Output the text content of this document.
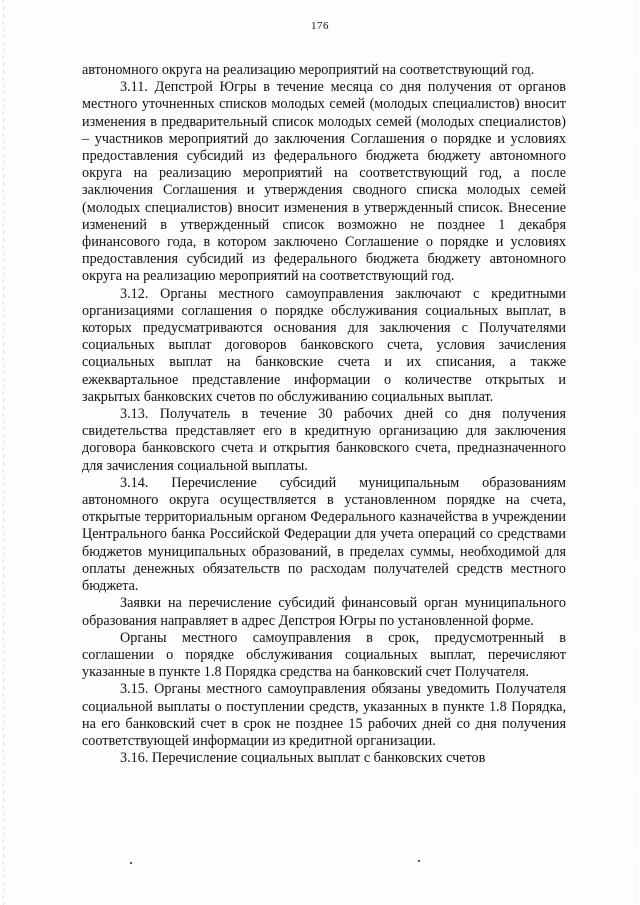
176

автономного округа на реализацию мероприятий на соответствующий год.

3.11. Депстрой Югры в течение месяца со дня получения от органов местного уточненных списков молодых семей (молодых специалистов) вносит изменения в предварительный список молодых семей (молодых специалистов) – участников мероприятий до заключения Соглашения о порядке и условиях предоставления субсидий из федерального бюджета бюджету автономного округа на реализацию мероприятий на соответствующий год, а после заключения Соглашения и утверждения сводного списка молодых семей (молодых специалистов) вносит изменения в утвержденный список. Внесение изменений в утвержденный список возможно не позднее 1 декабря финансового года, в котором заключено Соглашение о порядке и условиях предоставления субсидий из федерального бюджета бюджету автономного округа на реализацию мероприятий на соответствующий год.

3.12. Органы местного самоуправления заключают с кредитными организациями соглашения о порядке обслуживания социальных выплат, в которых предусматриваются основания для заключения с Получателями социальных выплат договоров банковского счета, условия зачисления социальных выплат на банковские счета и их списания, а также ежеквартальное представление информации о количестве открытых и закрытых банковских счетов по обслуживанию социальных выплат.

3.13. Получатель в течение 30 рабочих дней со дня получения свидетельства представляет его в кредитную организацию для заключения договора банковского счета и открытия банковского счета, предназначенного для зачисления социальной выплаты.

3.14. Перечисление субсидий муниципальным образованиям автономного округа осуществляется в установленном порядке на счета, открытые территориальным органом Федерального казначейства в учреждении Центрального банка Российской Федерации для учета операций со средствами бюджетов муниципальных образований, в пределах суммы, необходимой для оплаты денежных обязательств по расходам получателей средств местного бюджета.

Заявки на перечисление субсидий финансовый орган муниципального образования направляет в адрес Депстроя Югры по установленной форме.

Органы местного самоуправления в срок, предусмотренный в соглашении о порядке обслуживания социальных выплат, перечисляют указанные в пункте 1.8 Порядка средства на банковский счет Получателя.

3.15. Органы местного самоуправления обязаны уведомить Получателя социальной выплаты о поступлении средств, указанных в пункте 1.8 Порядка, на его банковский счет в срок не позднее 15 рабочих дней со дня получения соответствующей информации из кредитной организации.

3.16. Перечисление социальных выплат с банковских счетов
